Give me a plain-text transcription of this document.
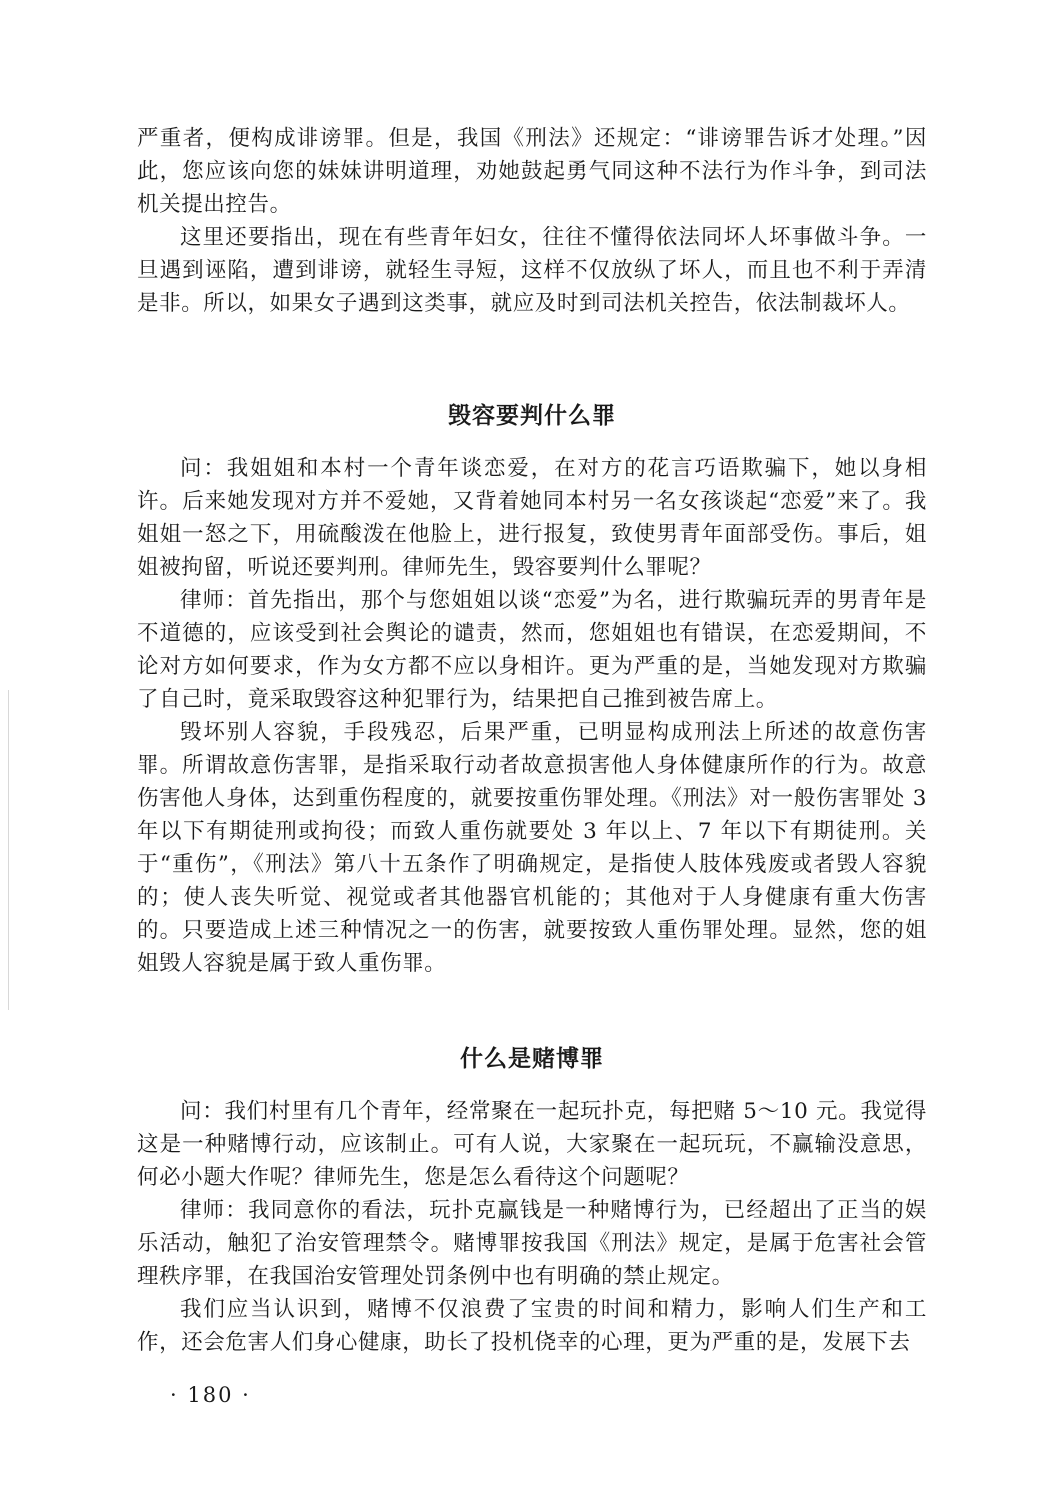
严重者，便构成诽谤罪。但是，我国《刑法》还规定：“诽谤罪告诉才处理。”因此，您应该向您的妹妹讲明道理，劝她鼓起勇气同这种不法行为作斗争，到司法机关提出控告。

这里还要指出，现在有些青年妇女，往往不懂得依法同坏人坏事做斗争。一旦遇到诬陷，遭到诽谤，就轻生寻短，这样不仅放纵了坏人，而且也不利于弄清是非。所以，如果女子遇到这类事，就应及时到司法机关控告，依法制裁坏人。

毁容要判什么罪

问：我姐姐和本村一个青年谈恋爱，在对方的花言巧语欺骗下，她以身相许。后来她发现对方并不爱她，又背着她同本村另一名女孩谈起“恋爱”来了。我姐姐一怒之下，用硫酸泼在他脸上，进行报复，致使男青年面部受伤。事后，姐姐被拘留，听说还要判刑。律师先生，毁容要判什么罪呢？

律师：首先指出，那个与您姐姐以谈“恋爱”为名，进行欺骗玩弄的男青年是不道德的，应该受到社会舆论的谴责，然而，您姐姐也有错误，在恋爱期间，不论对方如何要求，作为女方都不应以身相许。更为严重的是，当她发现对方欺骗了自己时，竟采取毁容这种犯罪行为，结果把自己推到被告席上。

毁坏别人容貌，手段残忍，后果严重，已明显构成刑法上所述的故意伤害罪。所谓故意伤害罪，是指采取行动者故意损害他人身体健康所作的行为。故意伤害他人身体，达到重伤程度的，就要按重伤罪处理。《刑法》对一般伤害罪处 3 年以下有期徒刑或拘役；而致人重伤就要处 3 年以上、7 年以下有期徒刑。关于“重伤”，《刑法》第八十五条作了明确规定，是指使人肢体残废或者毁人容貌的；使人丧失听觉、视觉或者其他器官机能的；其他对于人身健康有重大伤害的。只要造成上述三种情况之一的伤害，就要按致人重伤罪处理。显然，您的姐姐毁人容貌是属于致人重伤罪。

什么是赌博罪

问：我们村里有几个青年，经常聚在一起玩扑克，每把赌 5～10 元。我觉得这是一种赌博行动，应该制止。可有人说，大家聚在一起玩玩，不赢输没意思，何必小题大作呢？律师先生，您是怎么看待这个问题呢？

律师：我同意你的看法，玩扑克赢钱是一种赌博行为，已经超出了正当的娱乐活动，触犯了治安管理禁令。赌博罪按我国《刑法》规定，是属于危害社会管理秩序罪，在我国治安管理处罚条例中也有明确的禁止规定。

我们应当认识到，赌博不仅浪费了宝贵的时间和精力，影响人们生产和工作，还会危害人们身心健康，助长了投机侥幸的心理，更为严重的是，发展下去

· 180 ·
